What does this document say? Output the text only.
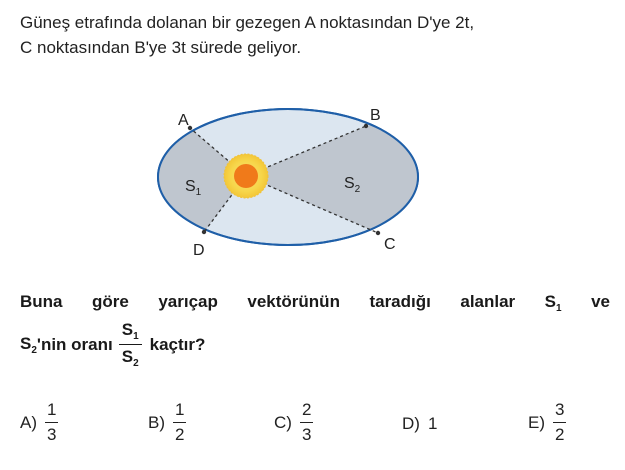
Güneş etrafında dolanan bir gezegen A noktasından D'ye 2t,
C noktasından B'ye 3t sürede geliyor.
A	B
C
D
$S_1$
$S_2$
Buna göre yarıçap vektörünün taradığı alanlar $S_1$ ve
$S_2$ 'nin oranı $\frac{S_1}{S_2}$ kaçtır?
$A) \frac{1}{3}$	$B) \frac{1}{2}$	$C) \frac{2}{3}$	D) 1	$E) \frac{3}{2}$
